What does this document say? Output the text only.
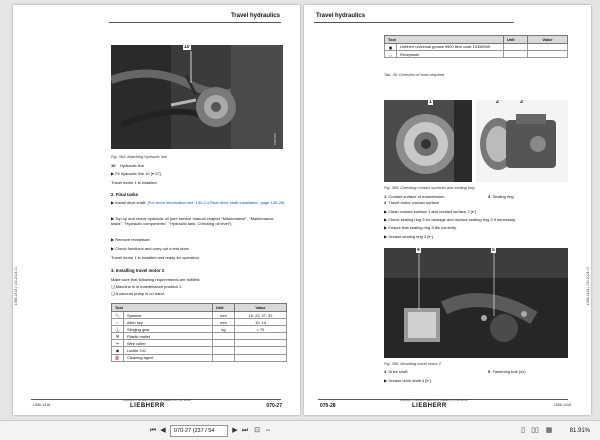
Travel hydraulics
L566-1418 | 130-2014-01
10
E000000
Fig. 364: Attaching hydraulic line
10 Hydraulic line
▶ Fit hydraulic line 10 [⇤27].
Travel motor 1 is installed.
2. Final tasks
▶ Install drive shaft. (For more information see: 130.2.4 Rear drive shaft installation, page 130-28)
▶ Top up and check hydraulic oil (see service manual chapter "Maintenance", "Maintenance tasks", "Hydraulic components", "Hydraulic tank: Checking oil level").
▶ Remove receptacle.
▶ Check functions and carry out a test drive.
Travel motor 1 is installed and ready for operation.
3. Installing travel motor 2
Make sure that following requirements are fulfilled:
❑ Machine is in maintenance position 1.
❑ A vacuum pump is on hand.
Tool		Unit	Value
🔧	Spanner	mm	19, 22, 27, 32
⌐	Allen key	mm	10, 14
⚓	Slinging gear	kg	> 70
⚒	Plastic mallet		
✂	Wire cutter		
◉	Loctite 241		
⛽	Cleaning agent		
L556-1418
copyright © Liebherr-Machinery (Dalian) Co. Ltd. 2019
LIEBHERR	070-27
Travel hydraulics
L556-1418 | 130-2014-01
Tool		Unit	Value
▣	Liebherr universal grease 9900 item code 10358949		
◡	Receptacle		
Tab. 36: Overview of tools required
1	2	3
Fig. 365: Checking contact surfaces and sealing ring
1 Contact surface of transmission	3 Sealing ring
2 Travel motor contact surface
▶ Clean contact surface 1 and contact surface 2 [⇤].
▶ Check sealing ring 3 for damage and replace sealing ring 3 if necessary.
▶ Ensure that sealing ring 3 fits correctly.
▶ Grease sealing ring 3 [⇤].
4	5
Fig. 366: Mounting travel motor 2
4 Drive shaft	5 Fastening bolt (4x)
▶ Grease drive shaft 4 [⇤].
070-28
copyright © Liebherr-Machinery (Dalian) Co. Ltd. 2019
LIEBHERR	L556-1418
⏮ ◀	070-27 (237 / 54	▶ ⏭ ⊡ ⇔	▯ ▯▯ ▦	81.91%
